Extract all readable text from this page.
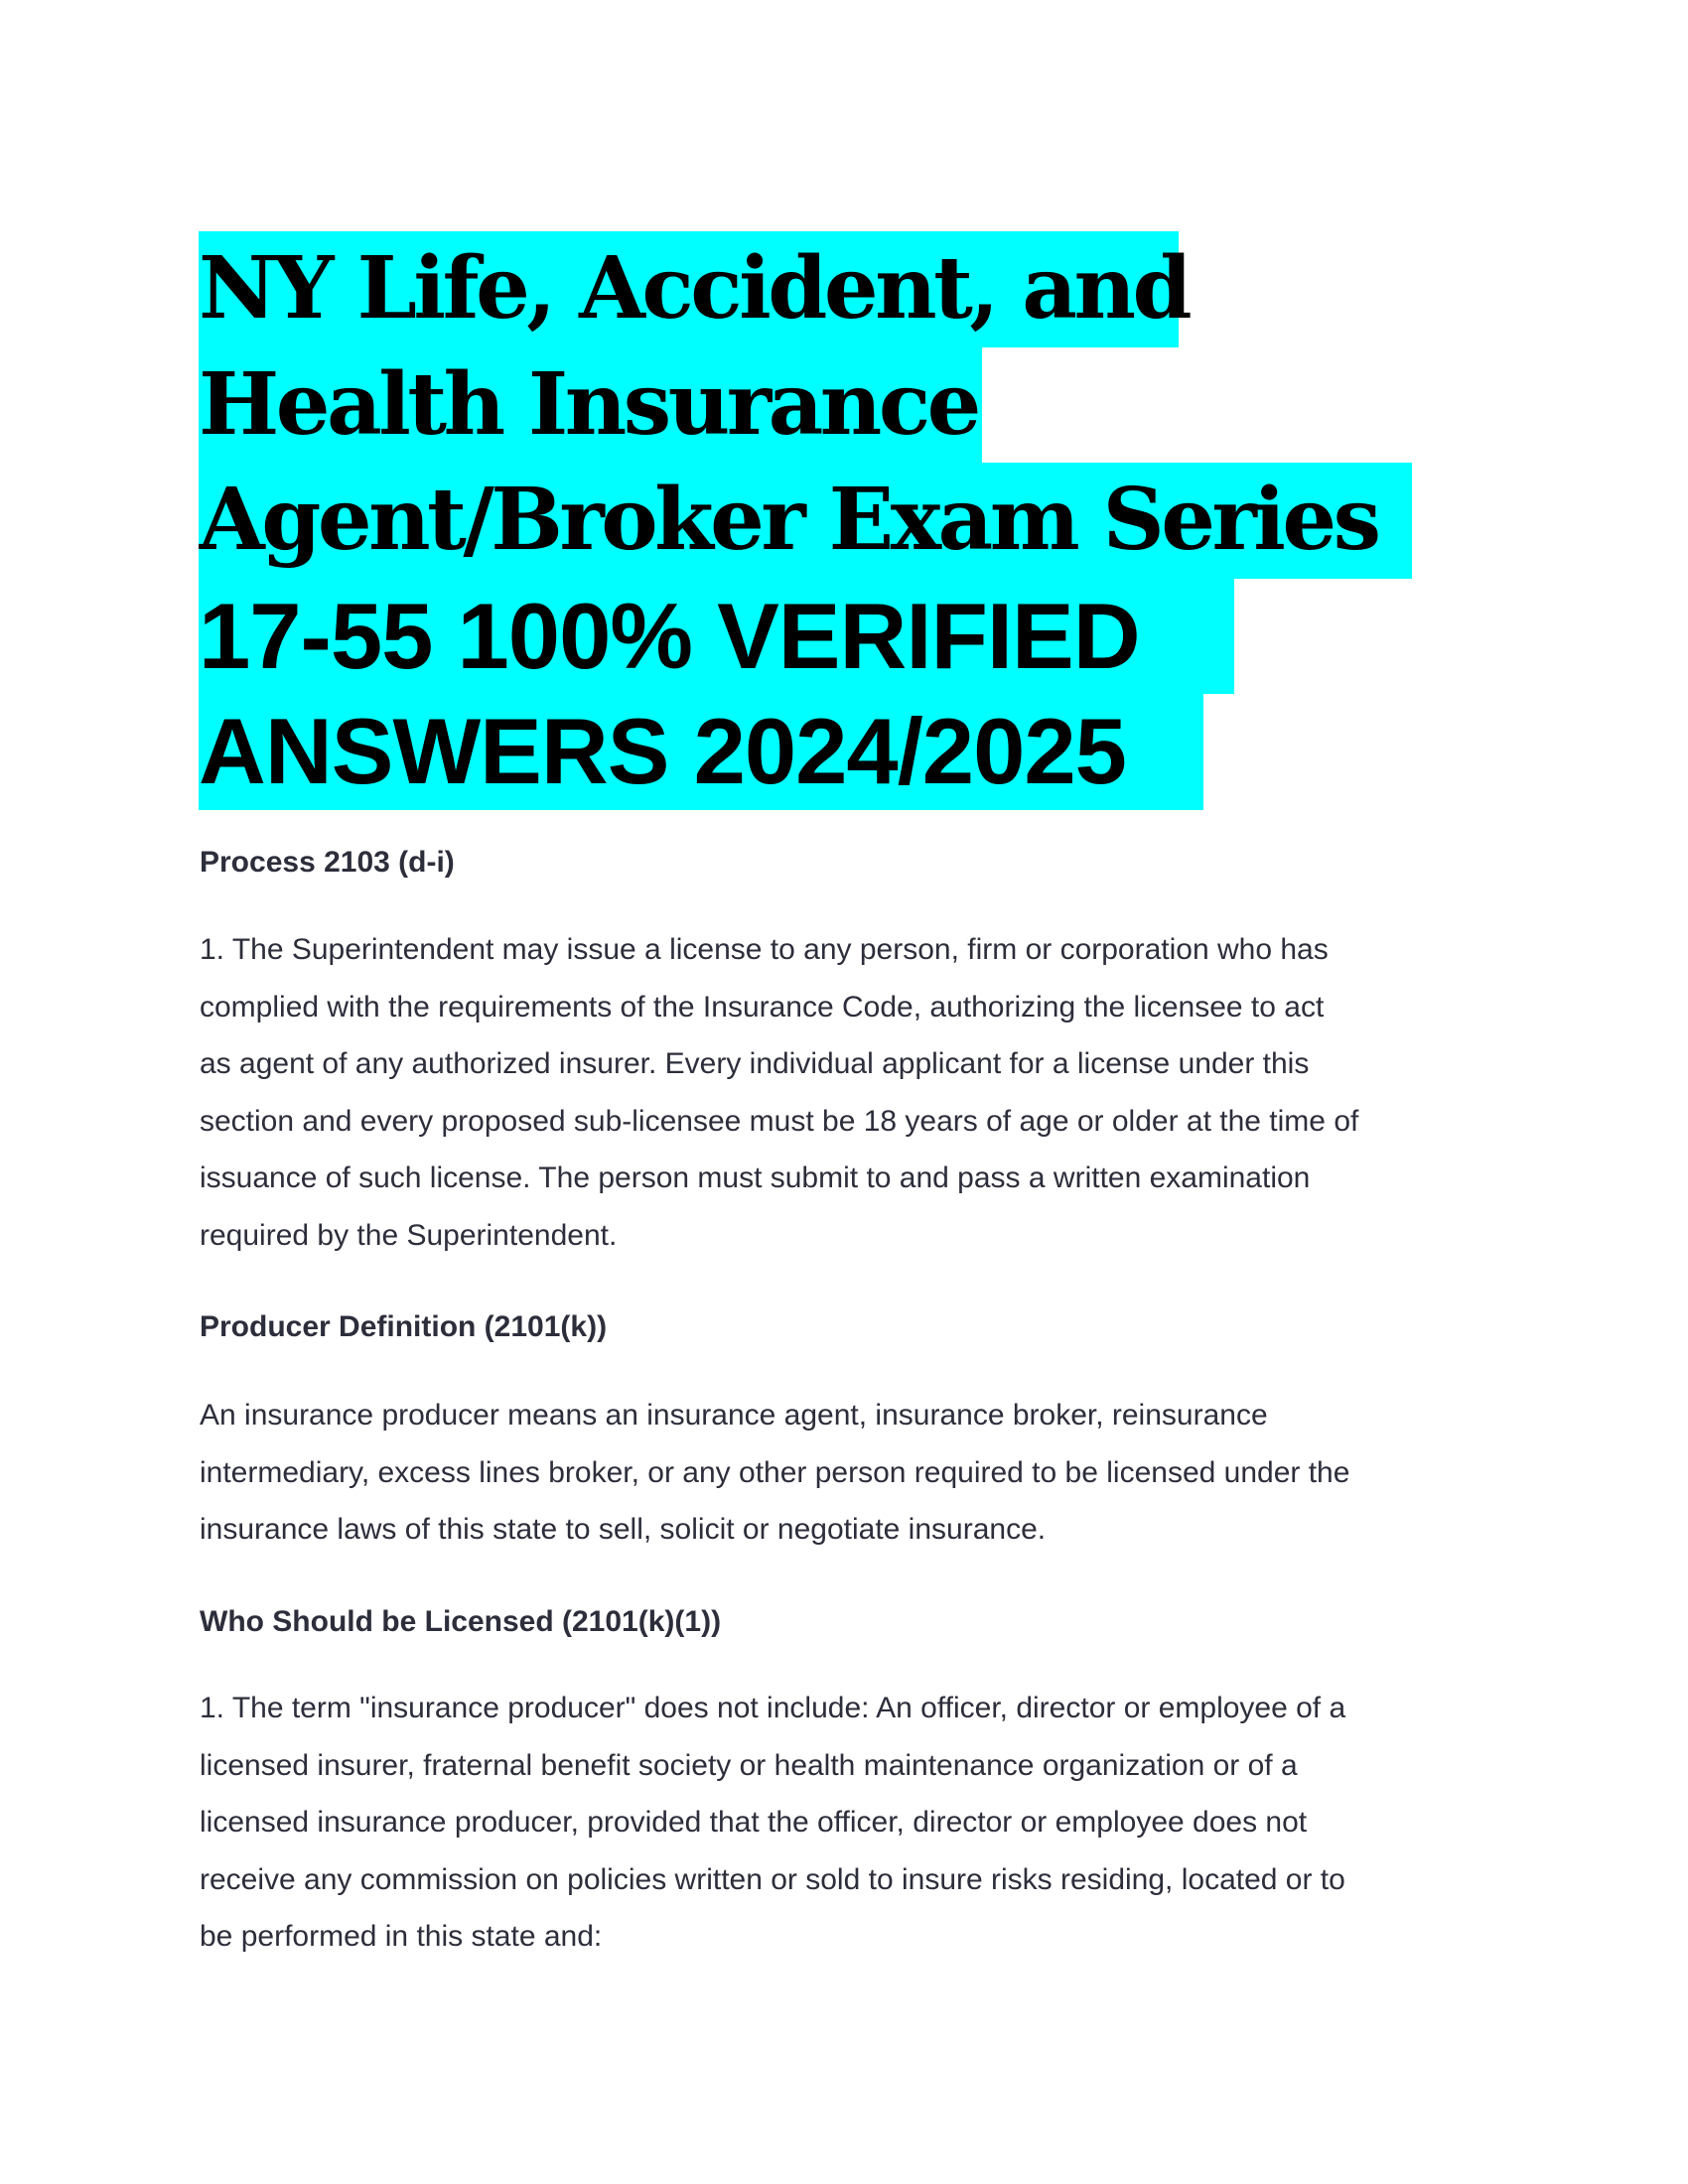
NY Life, Accident, and
Health Insurance
Agent/Broker Exam Series
17-55 100% VERIFIED
ANSWERS 2024/2025
Process 2103 (d-i)
1. The Superintendent may issue a license to any person, firm or corporation who has
complied with the requirements of the Insurance Code, authorizing the licensee to act
as agent of any authorized insurer. Every individual applicant for a license under this
section and every proposed sub-licensee must be 18 years of age or older at the time of
issuance of such license. The person must submit to and pass a written examination
required by the Superintendent.
Producer Definition (2101(k))
An insurance producer means an insurance agent, insurance broker, reinsurance
intermediary, excess lines broker, or any other person required to be licensed under the
insurance laws of this state to sell, solicit or negotiate insurance.
Who Should be Licensed (2101(k)(1))
1. The term "insurance producer" does not include: An officer, director or employee of a
licensed insurer, fraternal benefit society or health maintenance organization or of a
licensed insurance producer, provided that the officer, director or employee does not
receive any commission on policies written or sold to insure risks residing, located or to
be performed in this state and:
